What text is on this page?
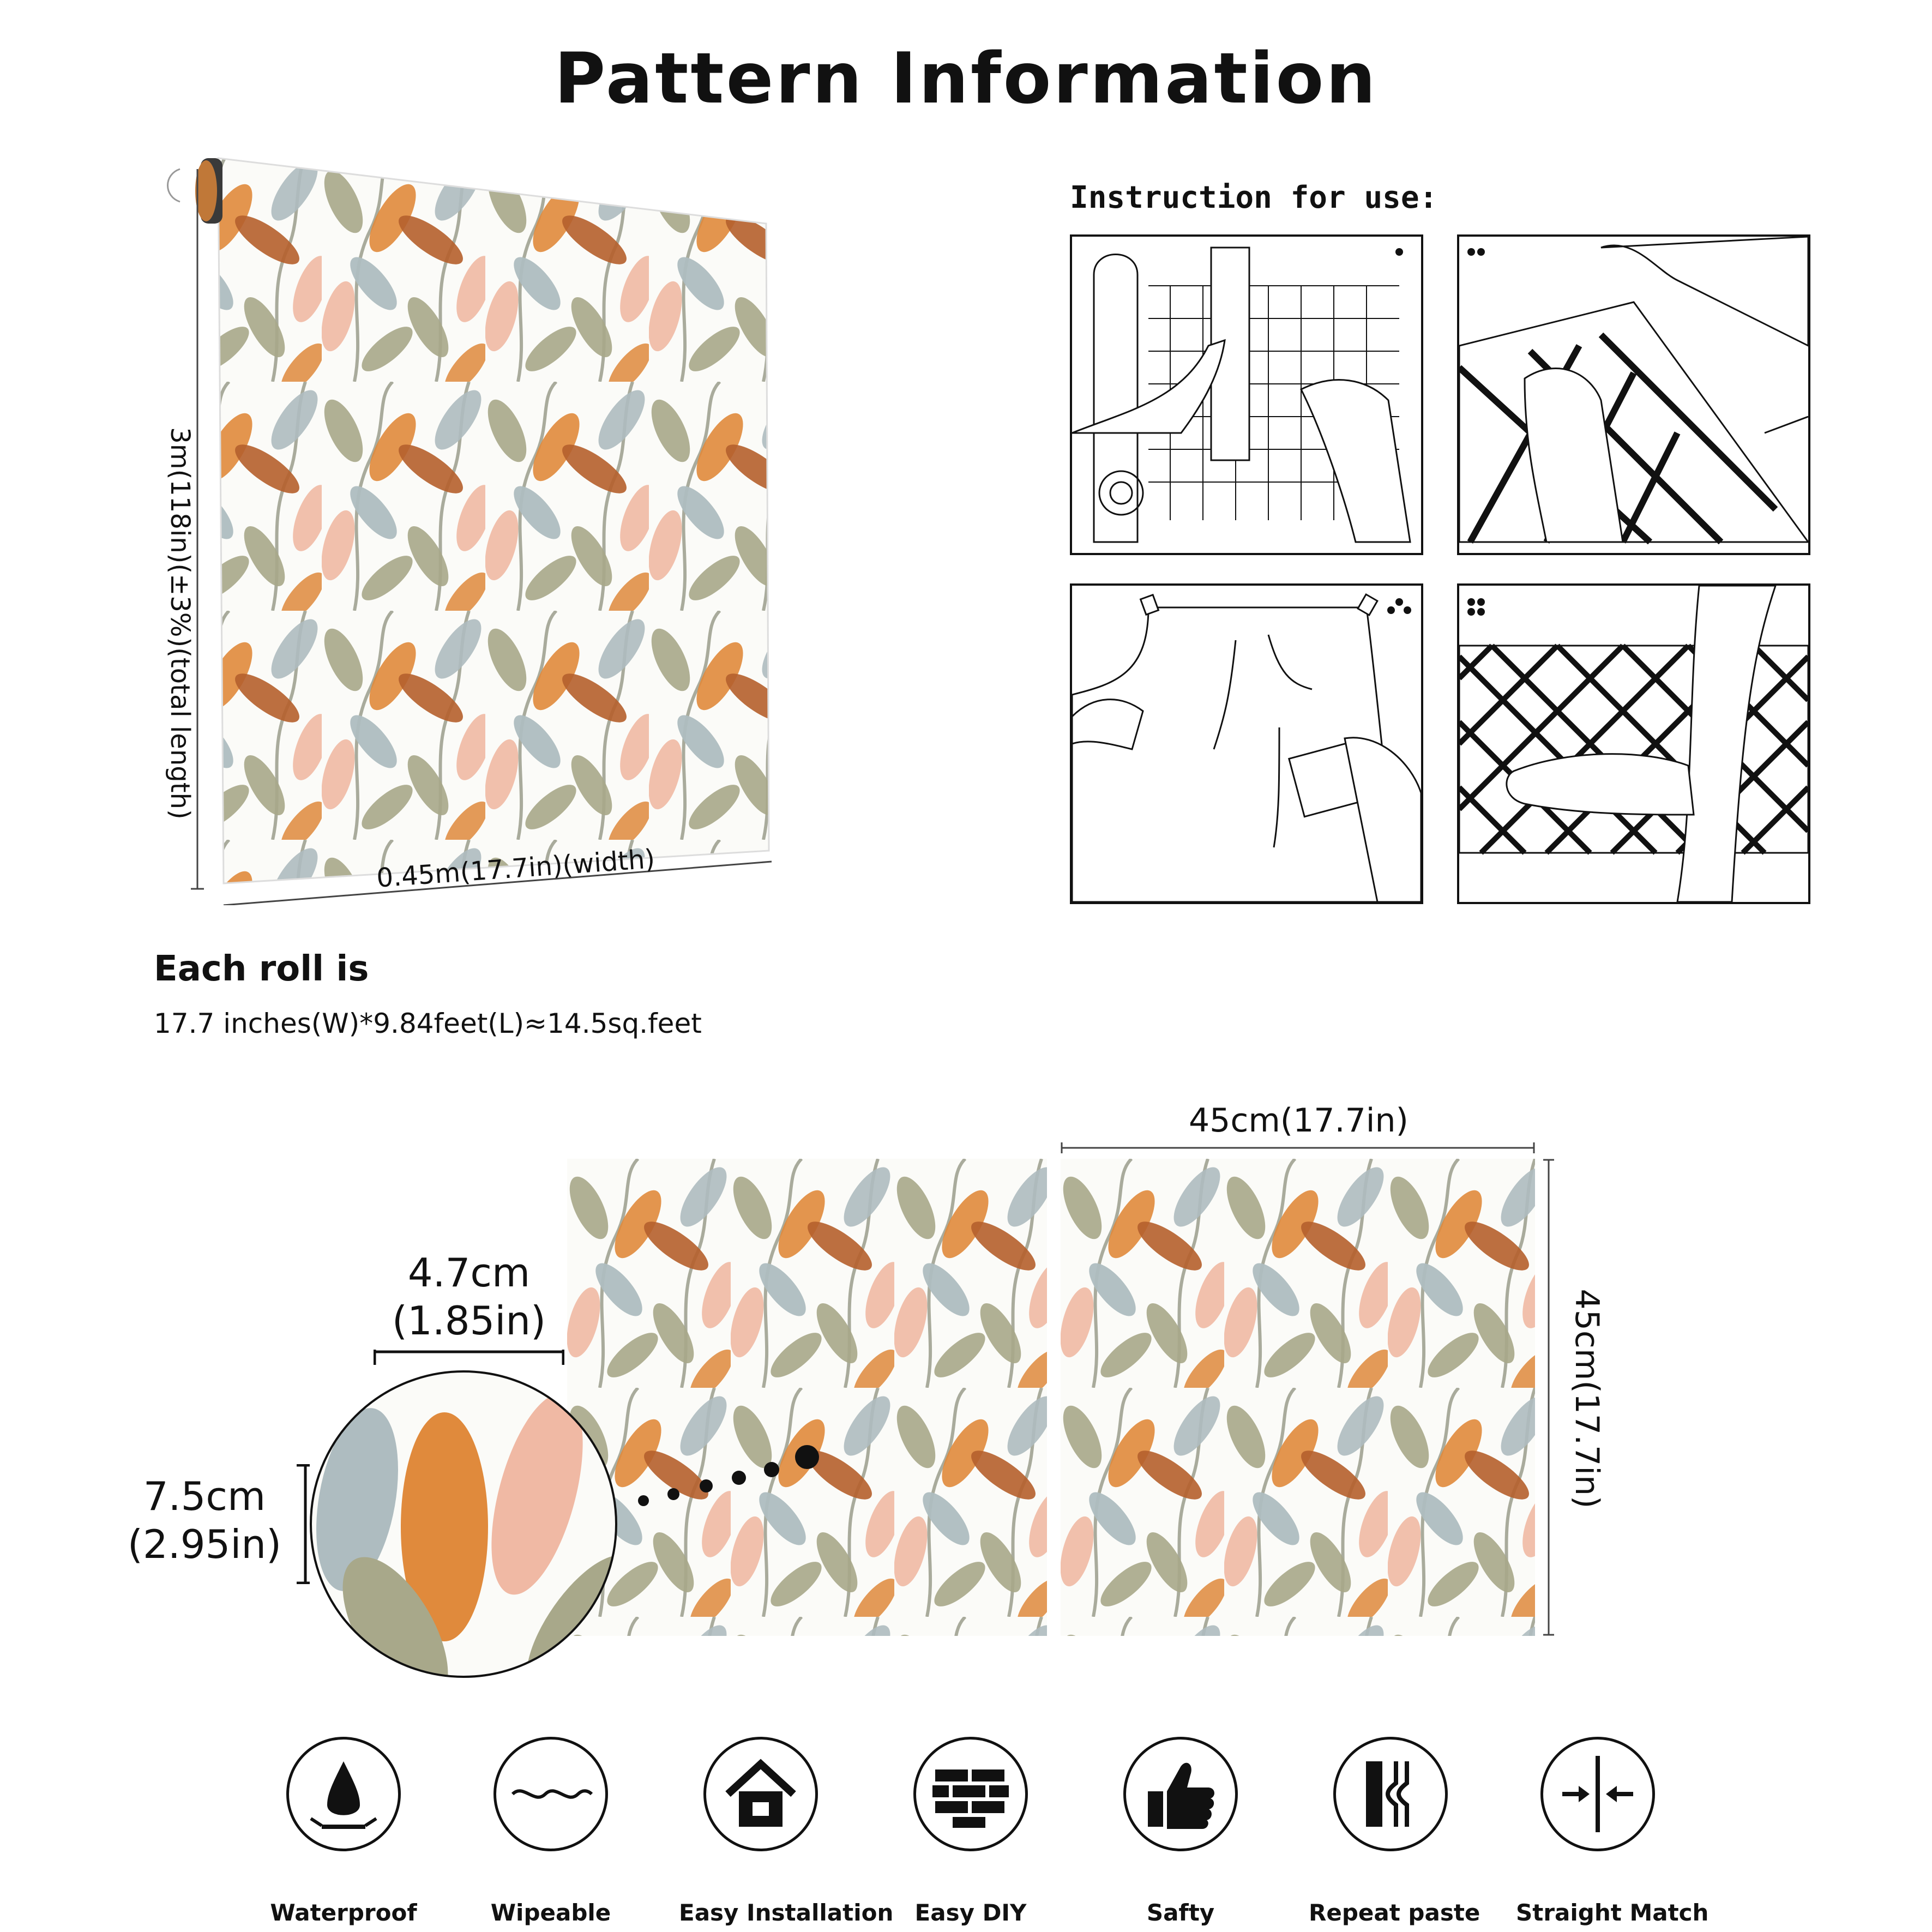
Pattern Information
3m(118in)(±3%)(total length)
0.45m(17.7in)(width)
Instruction for use:
Each roll is
17.7 inches(W)*9.84feet(L)≈14.5sq.feet
45cm(17.7in)
45cm(17.7in)
4.7cm
(1.85in)
7.5cm
(2.95in)
Waterproof	Wipeable	Easy Installation Easy DIY	Safty	Repeat paste Straight Match
